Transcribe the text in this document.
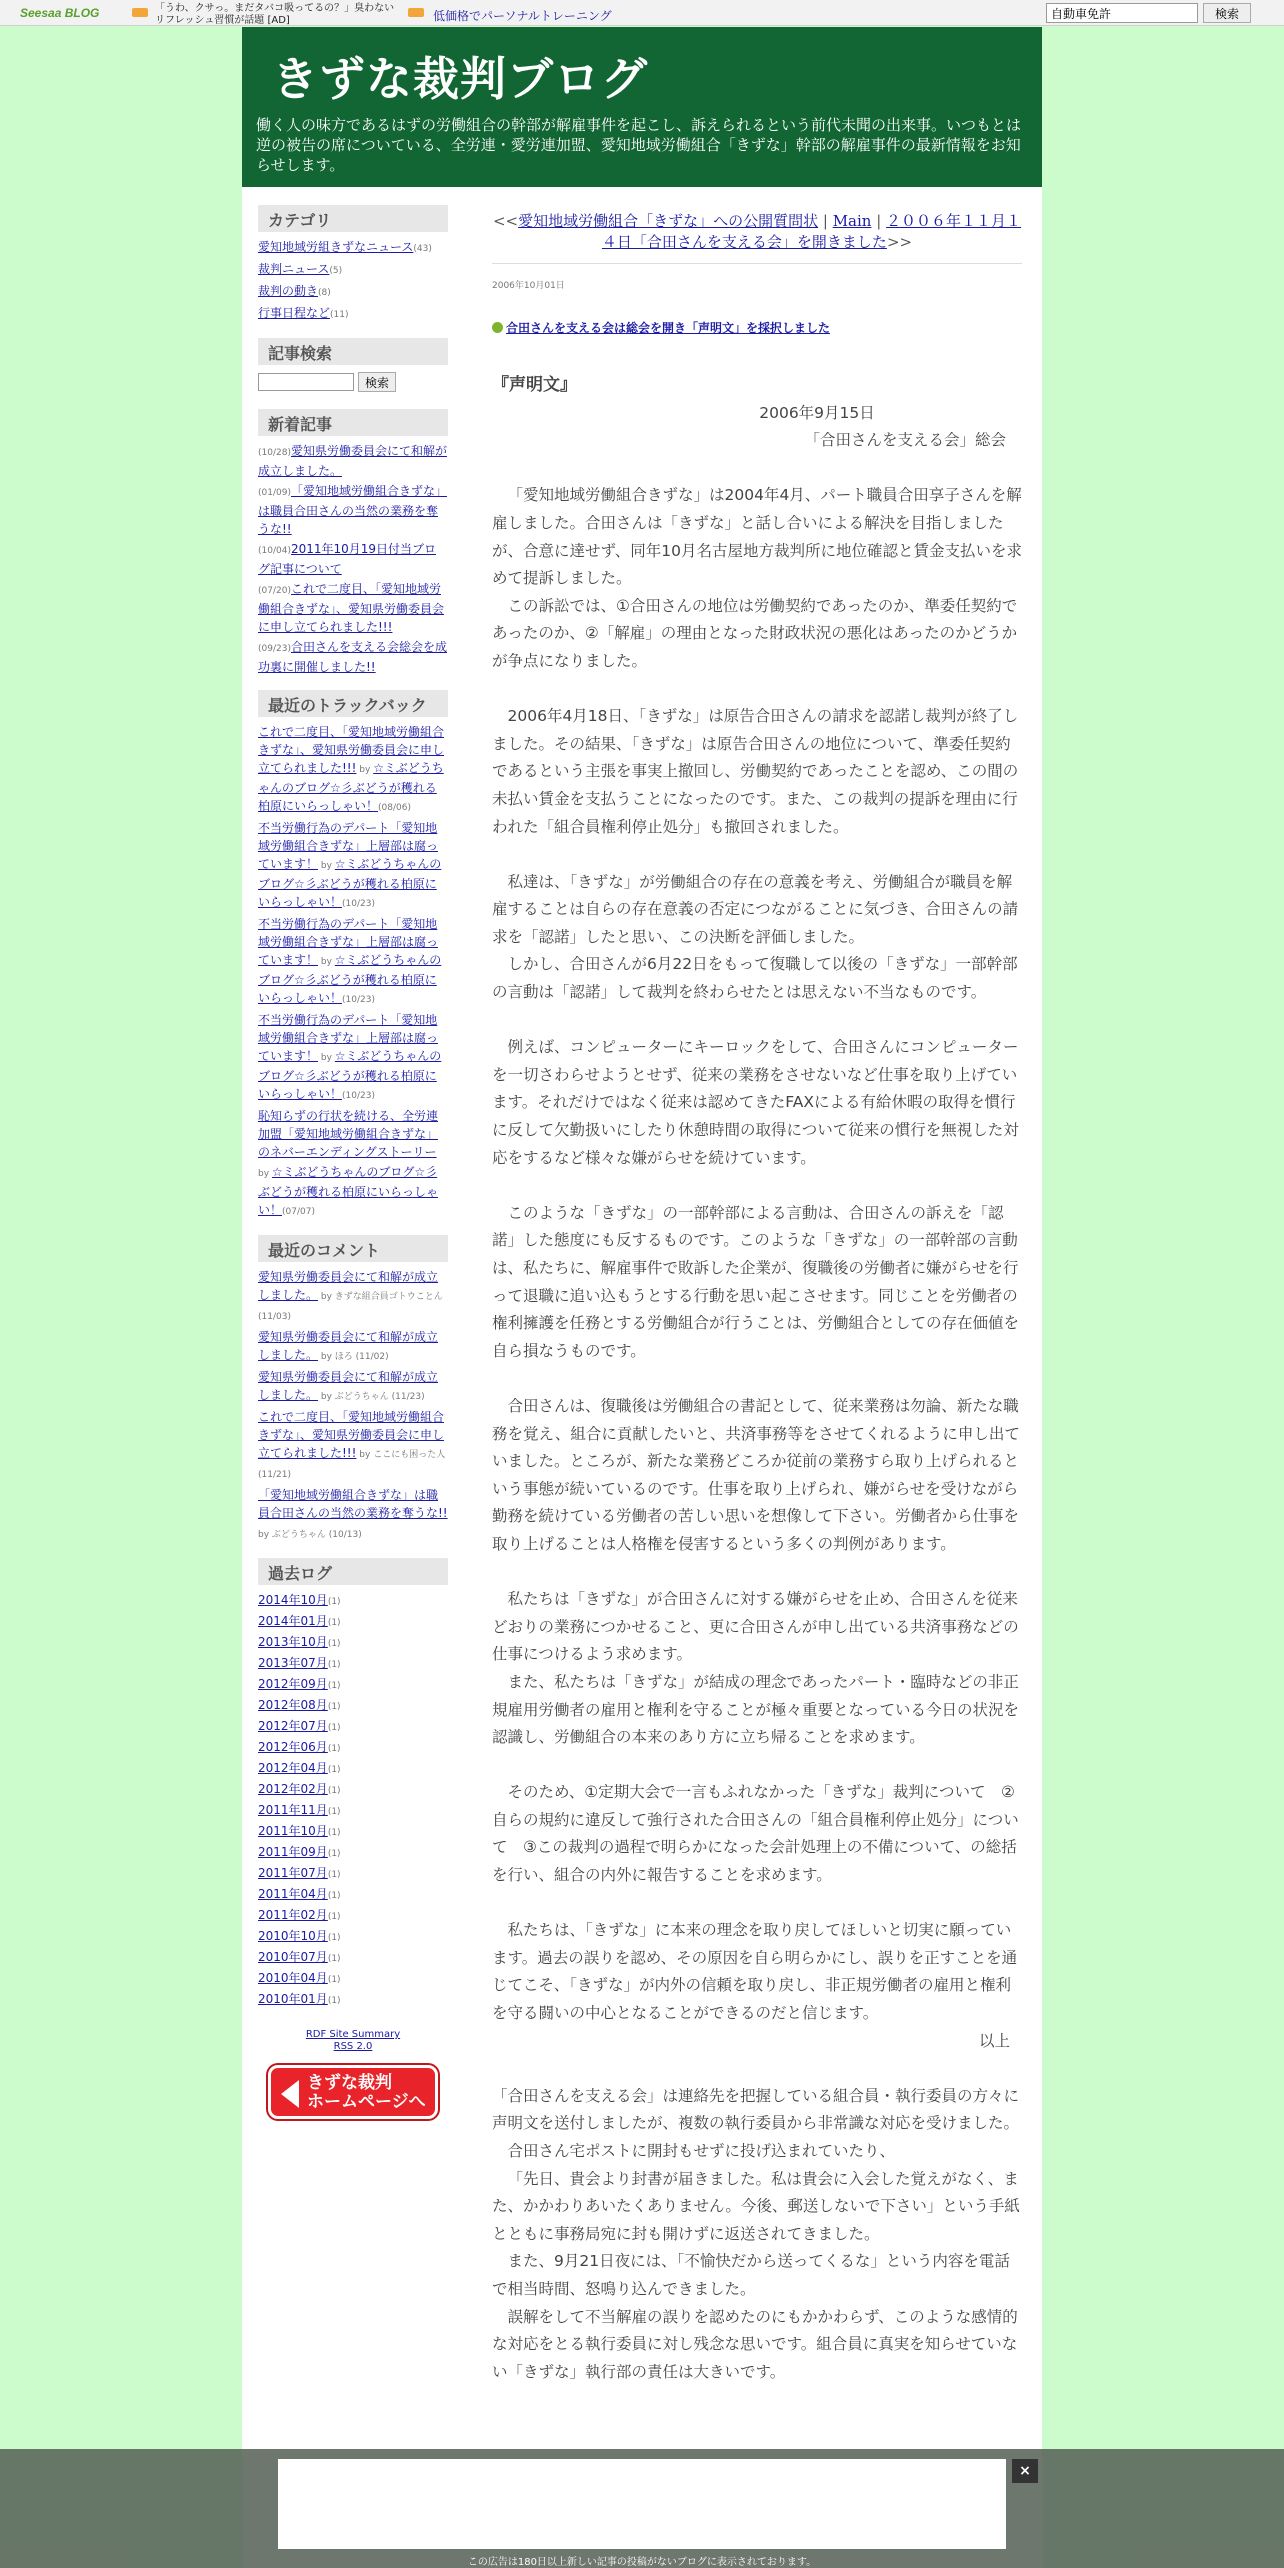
Seesaa BLOG	「うわ、クサっ。まだタバコ吸ってるの？」臭わないリフレッシュ習慣が話題 [AD]	低価格でパーソナルトレーニング
自動車免許	検索
きずな裁判ブログ
働く人の味方であるはずの労働組合の幹部が解雇事件を起こし、訴えられるという前代未聞の出来事。いつもとは逆の被告の席についている、全労連・愛労連加盟、愛知地域労働組合「きずな」幹部の解雇事件の最新情報をお知らせします。
カテゴリ
愛知地域労組きずなニュース(43)
裁判ニュース(5)
裁判の動き(8)
行事日程など(11)
記事検索
検索
新着記事
(10/28)愛知県労働委員会にて和解が成立しました。
(01/09)「愛知地域労働組合きずな」は職員合田さんの当然の業務を奪うな!!
(10/04)2011年10月19日付当ブログ記事について
(07/20)これで二度目、「愛知地域労働組合きずな」、愛知県労働委員会に申し立てられました!!!
(09/23)合田さんを支える会総会を成功裏に開催しました!!
最近のトラックバック
これで二度目、「愛知地域労働組合きずな」、愛知県労働委員会に申し立てられました!!! by ☆ミぶどうちゃんのブログ☆彡ぶどうが穫れる柏原にいらっしゃい！(08/06)
不当労働行為のデパート「愛知地域労働組合きずな」上層部は腐っています！ by ☆ミぶどうちゃんのブログ☆彡ぶどうが穫れる柏原にいらっしゃい！(10/23)
不当労働行為のデパート「愛知地域労働組合きずな」上層部は腐っています！ by ☆ミぶどうちゃんのブログ☆彡ぶどうが穫れる柏原にいらっしゃい！(10/23)
不当労働行為のデパート「愛知地域労働組合きずな」上層部は腐っています！ by ☆ミぶどうちゃんのブログ☆彡ぶどうが穫れる柏原にいらっしゃい！(10/23)
恥知らずの行状を続ける、全労連加盟「愛知地域労働組合きずな」のネバーエンディングストーリー by ☆ミぶどうちゃんのブログ☆彡ぶどうが穫れる柏原にいらっしゃい！(07/07)
最近のコメント
愛知県労働委員会にて和解が成立しました。 by きずな組合員ゴトウことん (11/03)
愛知県労働委員会にて和解が成立しました。 by ほろ (11/02)
愛知県労働委員会にて和解が成立しました。 by ぶどうちゃん (11/23)
これで二度目、「愛知地域労働組合きずな」、愛知県労働委員会に申し立てられました!!! by ここにも困った人 (11/21)
「愛知地域労働組合きずな」は職員合田さんの当然の業務を奪うな!! by ぶどうちゃん (10/13)
過去ログ
2014年10月(1)
2014年01月(1)
2013年10月(1)
2013年07月(1)
2012年09月(1)
2012年08月(1)
2012年07月(1)
2012年06月(1)
2012年04月(1)
2012年02月(1)
2011年11月(1)
2011年10月(1)
2011年09月(1)
2011年07月(1)
2011年04月(1)
2011年02月(1)
2010年10月(1)
2010年07月(1)
2010年04月(1)
2010年01月(1)
RDF Site Summary
RSS 2.0
きずな裁判
ホームページへ
<<愛知地域労働組合「きずな」への公開質問状 | Main | ２００６年１１月１４日「合田さんを支える会」を開きました>>
2006年10月01日
合田さんを支える会は総会を開き「声明文」を採択しました
『声明文』
2006年9月15日
「合田さんを支える会」総会

「愛知地域労働組合きずな」は2004年4月、パート職員合田享子さんを解雇しました。合田さんは「きずな」と話し合いによる解決を目指しましたが、合意に達せず、同年10月名古屋地方裁判所に地位確認と賃金支払いを求めて提訴しました。

この訴訟では、①合田さんの地位は労働契約であったのか、準委任契約であったのか、②「解雇」の理由となった財政状況の悪化はあったのかどうかが争点になりました。

2006年4月18日、「きずな」は原告合田さんの請求を認諾し裁判が終了しました。その結果、「きずな」は原告合田さんの地位について、準委任契約であるという主張を事実上撤回し、労働契約であったことを認め、この間の未払い賃金を支払うことになったのです。また、この裁判の提訴を理由に行われた「組合員権利停止処分」も撤回されました。

私達は、「きずな」が労働組合の存在の意義を考え、労働組合が職員を解雇することは自らの存在意義の否定につながることに気づき、合田さんの請求を「認諾」したと思い、この決断を評価しました。

しかし、合田さんが6月22日をもって復職して以後の「きずな」一部幹部の言動は「認諾」して裁判を終わらせたとは思えない不当なものです。

例えば、コンピューターにキーロックをして、合田さんにコンピューターを一切さわらせようとせず、従来の業務をさせないなど仕事を取り上げています。それだけではなく従来は認めてきたFAXによる有給休暇の取得を慣行に反して欠勤扱いにしたり休憩時間の取得について従来の慣行を無視した対応をするなど様々な嫌がらせを続けています。

このような「きずな」の一部幹部による言動は、合田さんの訴えを「認諾」した態度にも反するものです。このような「きずな」の一部幹部の言動は、私たちに、解雇事件で敗訴した企業が、復職後の労働者に嫌がらせを行って退職に追い込もうとする行動を思い起こさせます。同じことを労働者の権利擁護を任務とする労働組合が行うことは、労働組合としての存在価値を自ら損なうものです。

合田さんは、復職後は労働組合の書記として、従来業務は勿論、新たな職務を覚え、組合に貢献したいと、共済事務等をさせてくれるように申し出ていました。ところが、新たな業務どころか従前の業務すら取り上げられるという事態が続いているのです。仕事を取り上げられ、嫌がらせを受けながら勤務を続けている労働者の苦しい思いを想像して下さい。労働者から仕事を取り上げることは人格権を侵害するという多くの判例があります。

私たちは「きずな」が合田さんに対する嫌がらせを止め、合田さんを従来どおりの業務につかせること、更に合田さんが申し出ている共済事務などの仕事につけるよう求めます。

また、私たちは「きずな」が結成の理念であったパート・臨時などの非正規雇用労働者の雇用と権利を守ることが極々重要となっている今日の状況を認識し、労働組合の本来のあり方に立ち帰ることを求めます。

そのため、①定期大会で一言もふれなかった「きずな」裁判について　②自らの規約に違反して強行された合田さんの「組合員権利停止処分」について　③この裁判の過程で明らかになった会計処理上の不備について、の総括を行い、組合の内外に報告することを求めます。

私たちは、「きずな」に本来の理念を取り戻してほしいと切実に願っています。過去の誤りを認め、その原因を自ら明らかにし、誤りを正すことを通じてこそ、「きずな」が内外の信頼を取り戻し、非正規労働者の雇用と権利を守る闘いの中心となることができるのだと信じます。

以上

「合田さんを支える会」は連絡先を把握している組合員・執行委員の方々に声明文を送付しましたが、複数の執行委員から非常識な対応を受けました。

合田さん宅ポストに開封もせずに投げ込まれていたり、

「先日、貴会より封書が届きました。私は貴会に入会した覚えがなく、また、かかわりあいたくありません。今後、郵送しないで下さい」という手紙とともに事務局宛に封も開けずに返送されてきました。

また、9月21日夜には、「不愉快だから送ってくるな」という内容を電話で相当時間、怒鳴り込んできました。

誤解をして不当解雇の誤りを認めたのにもかかわらず、このような感情的な対応をとる執行委員に対し残念な思いです。組合員に真実を知らせていない「きずな」執行部の責任は大きいです。

×
この広告は180日以上新しい記事の投稿がないブログに表示されております。
